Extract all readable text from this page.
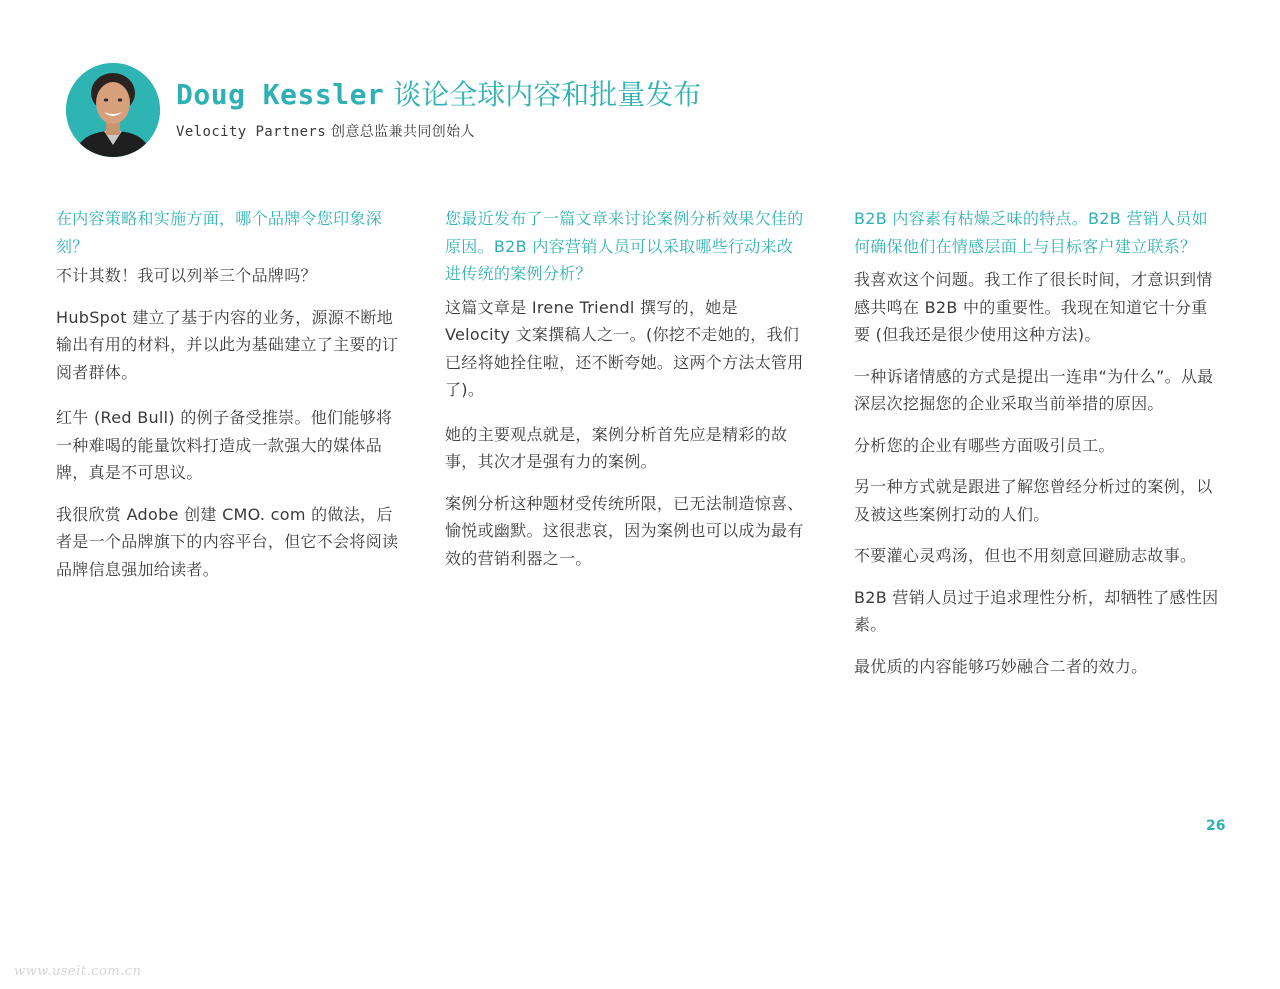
Doug Kessler 谈论全球内容和批量发布
Velocity Partners 创意总监兼共同创始人

在内容策略和实施方面，哪个品牌令您印象深刻？

不计其数！我可以列举三个品牌吗？

HubSpot 建立了基于内容的业务，源源不断地输出有用的材料，并以此为基础建立了主要的订阅者群体。

红牛 (Red Bull) 的例子备受推崇。他们能够将一种难喝的能量饮料打造成一款强大的媒体品牌，真是不可思议。

我很欣赏 Adobe 创建 CMO. com 的做法，后者是一个品牌旗下的内容平台，但它不会将阅读品牌信息强加给读者。

您最近发布了一篇文章来讨论案例分析效果欠佳的原因。B2B 内容营销人员可以采取哪些行动来改进传统的案例分析？

这篇文章是 Irene Triendl 撰写的，她是 Velocity 文案撰稿人之一。(你挖不走她的，我们已经将她拴住啦，还不断夸她。这两个方法太管用了)。

她的主要观点就是，案例分析首先应是精彩的故事，其次才是强有力的案例。

案例分析这种题材受传统所限，已无法制造惊喜、愉悦或幽默。这很悲哀，因为案例也可以成为最有效的营销利器之一。

B2B 内容素有枯燥乏味的特点。B2B 营销人员如何确保他们在情感层面上与目标客户建立联系？

我喜欢这个问题。我工作了很长时间，才意识到情感共鸣在 B2B 中的重要性。我现在知道它十分重要 (但我还是很少使用这种方法)。

一种诉诸情感的方式是提出一连串“为什么”。从最深层次挖掘您的企业采取当前举措的原因。

分析您的企业有哪些方面吸引员工。

另一种方式就是跟进了解您曾经分析过的案例，以及被这些案例打动的人们。

不要灌心灵鸡汤，但也不用刻意回避励志故事。

B2B 营销人员过于追求理性分析，却牺牲了感性因素。

最优质的内容能够巧妙融合二者的效力。

26
www.useit.com.cn
